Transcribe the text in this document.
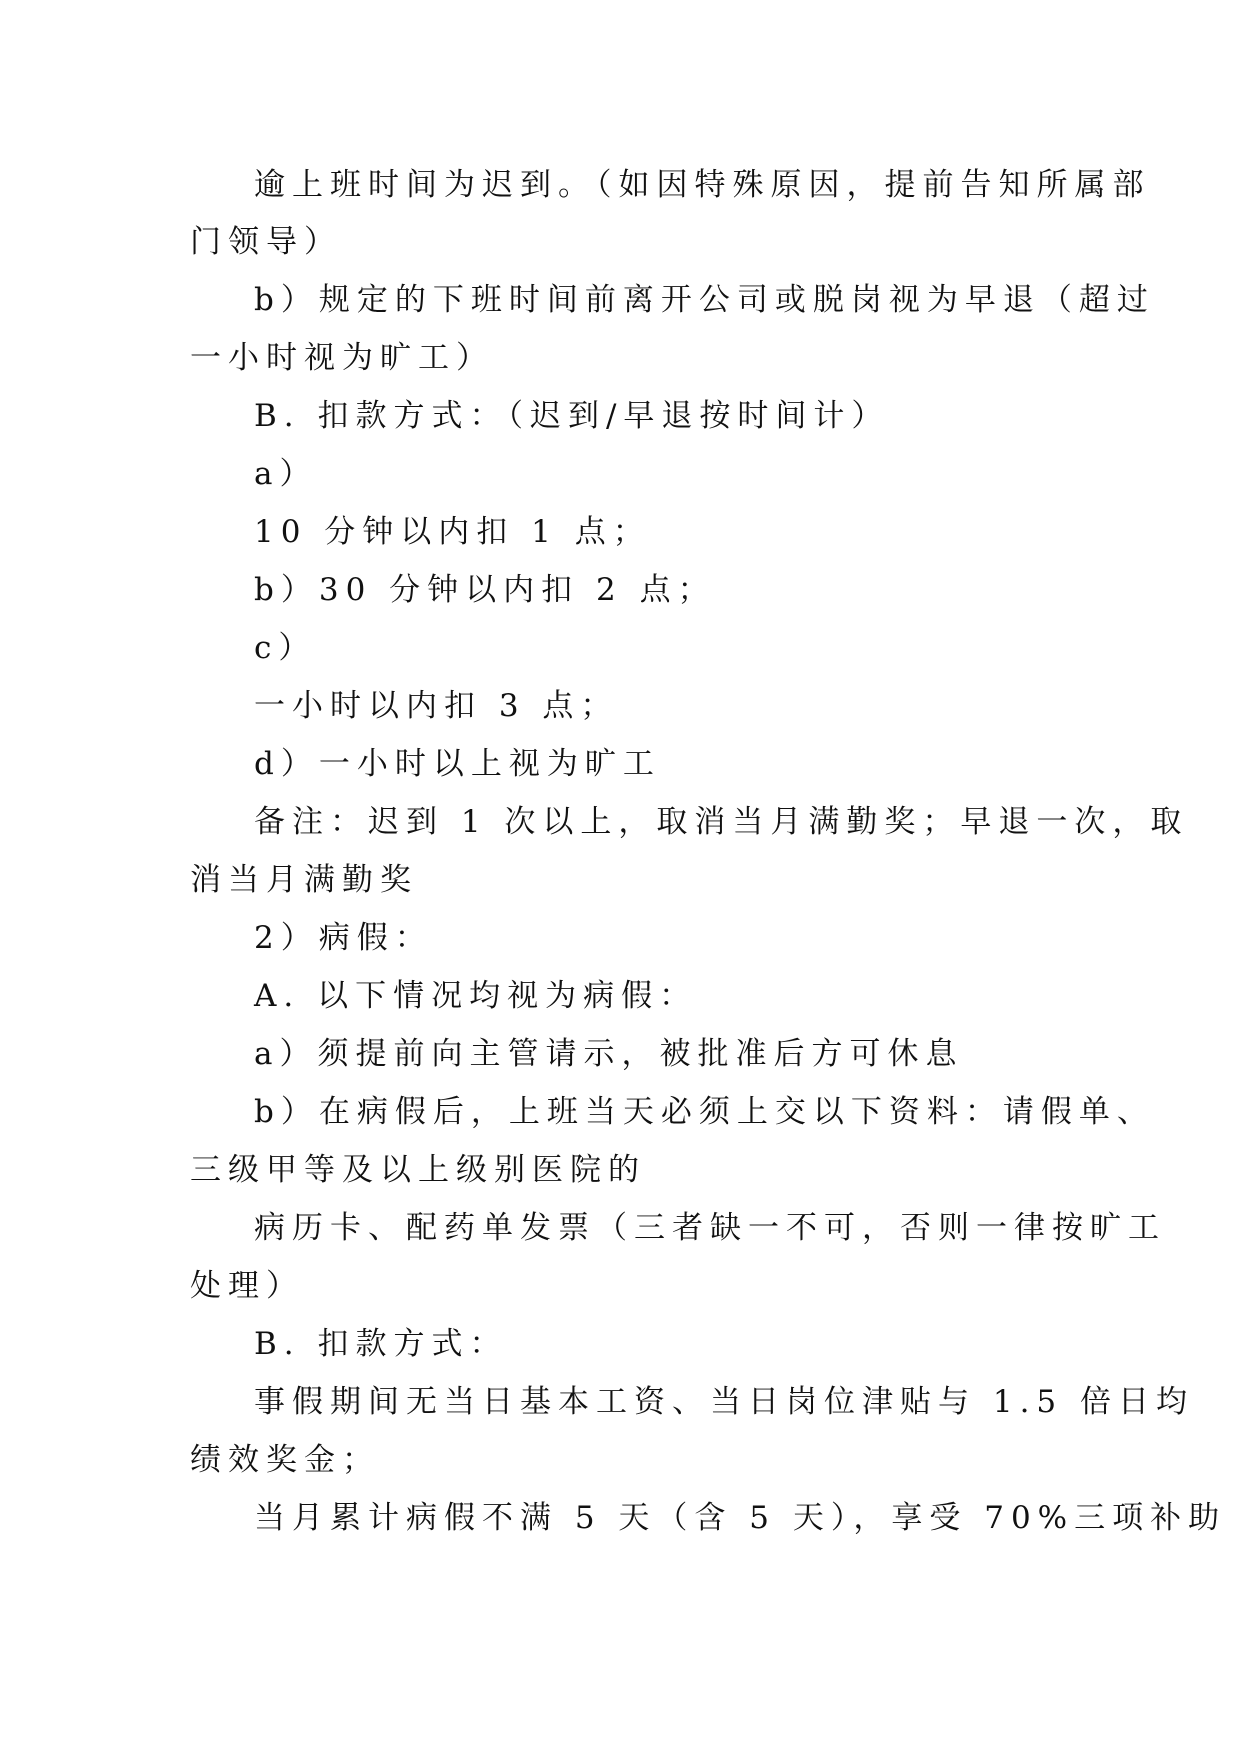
逾上班时间为迟到。（如因特殊原因，提前告知所属部

门领导）

b）规定的下班时间前离开公司或脱岗视为早退（超过

一小时视为旷工）

B. 扣款方式：（迟到/早退按时间计）

a）

10 分钟以内扣 1 点；

b）30 分钟以内扣 2 点；

c）

一小时以内扣 3 点；

d）一小时以上视为旷工

备注：迟到 1 次以上，取消当月满勤奖；早退一次，取

消当月满勤奖

2）病假：

A. 以下情况均视为病假：

a）须提前向主管请示，被批准后方可休息

b）在病假后，上班当天必须上交以下资料：请假单、

三级甲等及以上级别医院的

病历卡、配药单发票（三者缺一不可，否则一律按旷工

处理）

B. 扣款方式：

事假期间无当日基本工资、当日岗位津贴与 1.5 倍日均

绩效奖金；

当月累计病假不满 5 天（含 5 天），享受 70%三项补助
